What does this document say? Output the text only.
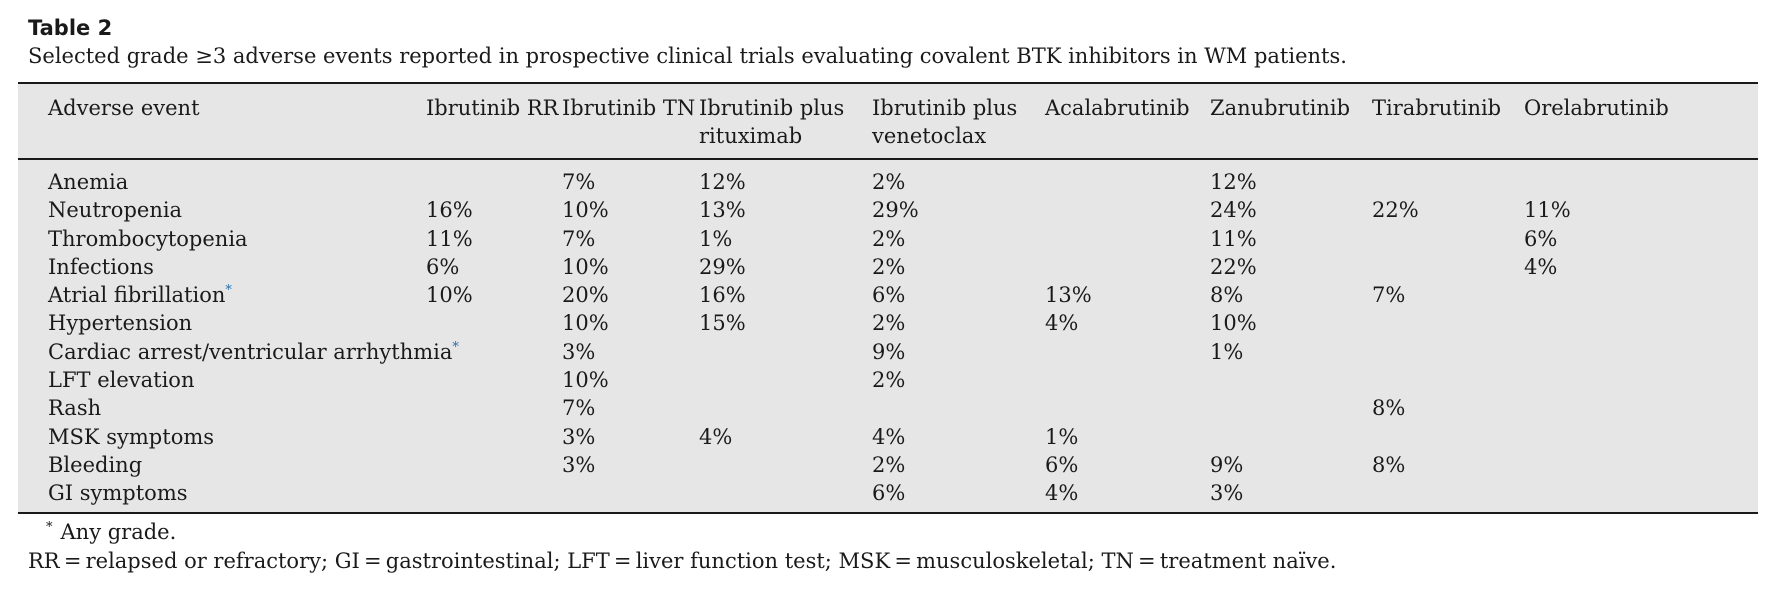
Table 2
Selected grade ≥3 adverse events reported in prospective clinical trials evaluating covalent BTK inhibitors in WM patients.
Adverse event	Ibrutinib RR	Ibrutinib TN	Ibrutinib plus rituximab	Ibrutinib plus venetoclax	Acalabrutinib	Zanubrutinib	Tirabrutinib	Orelabrutinib
Anemia		7%	12%	2%		12%		
Neutropenia	16%	10%	13%	29%		24%	22%	11%
Thrombocytopenia	11%	7%	1%	2%		11%		6%
Infections	6%	10%	29%	2%		22%		4%
Atrial fibrillation*	10%	20%	16%	6%	13%	8%	7%	
Hypertension		10%	15%	2%	4%	10%		
Cardiac arrest/ventricular arrhythmia*		3%		9%		1%		
LFT elevation		10%		2%				
Rash		7%					8%	
MSK symptoms		3%	4%	4%	1%			
Bleeding		3%		2%	6%	9%	8%	
GI symptoms				6%	4%	3%		
* Any grade.
RR = relapsed or refractory; GI = gastrointestinal; LFT = liver function test; MSK = musculoskeletal; TN = treatment naïve.
